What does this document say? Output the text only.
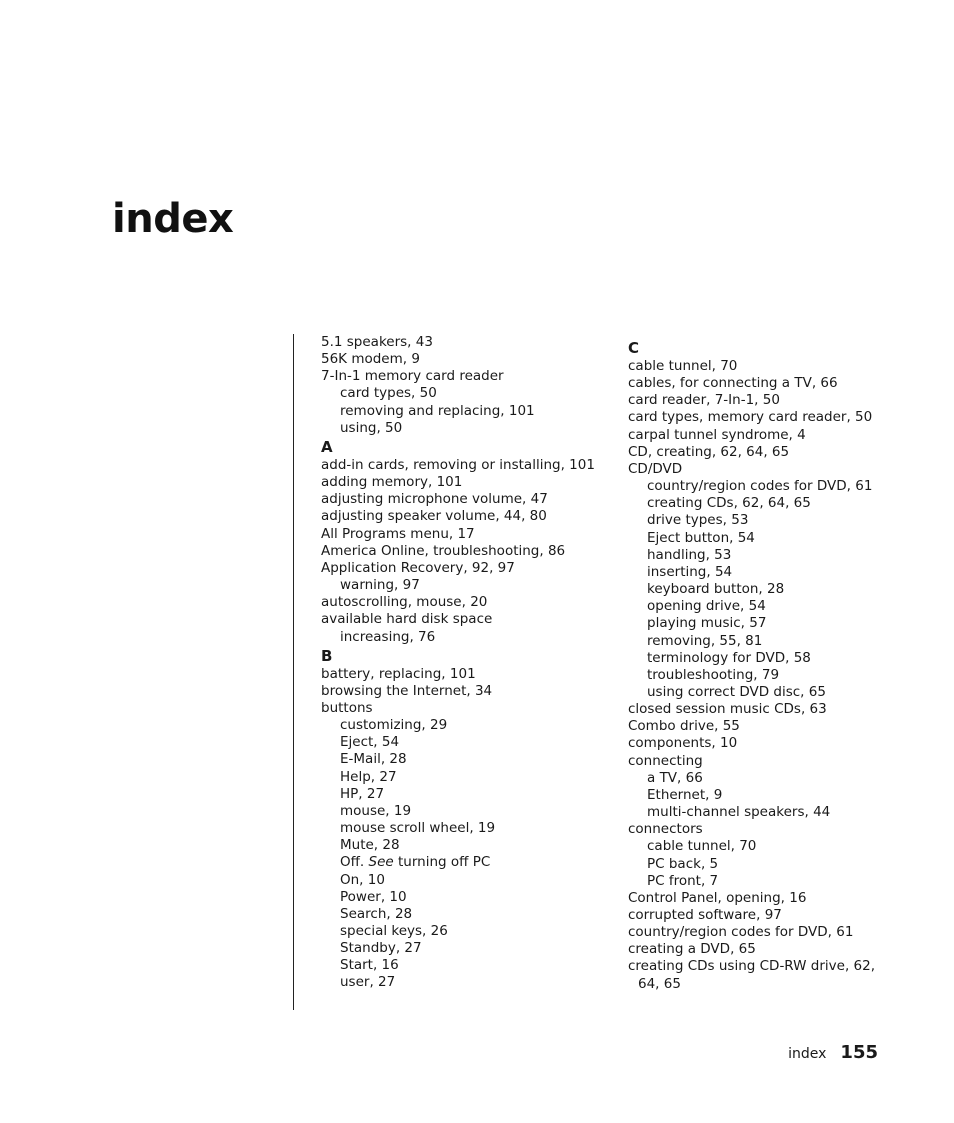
index
5.1 speakers, 43
56K modem, 9
7-In-1 memory card reader
card types, 50
removing and replacing, 101
using, 50
A
add-in cards, removing or installing, 101
adding memory, 101
adjusting microphone volume, 47
adjusting speaker volume, 44, 80
All Programs menu, 17
America Online, troubleshooting, 86
Application Recovery, 92, 97
warning, 97
autoscrolling, mouse, 20
available hard disk space
increasing, 76
B
battery, replacing, 101
browsing the Internet, 34
buttons
customizing, 29
Eject, 54
E-Mail, 28
Help, 27
HP, 27
mouse, 19
mouse scroll wheel, 19
Mute, 28
Off. See turning off PC
On, 10
Power, 10
Search, 28
special keys, 26
Standby, 27
Start, 16
user, 27
C
cable tunnel, 70
cables, for connecting a TV, 66
card reader, 7-In-1, 50
card types, memory card reader, 50
carpal tunnel syndrome, 4
CD, creating, 62, 64, 65
CD/DVD
country/region codes for DVD, 61
creating CDs, 62, 64, 65
drive types, 53
Eject button, 54
handling, 53
inserting, 54
keyboard button, 28
opening drive, 54
playing music, 57
removing, 55, 81
terminology for DVD, 58
troubleshooting, 79
using correct DVD disc, 65
closed session music CDs, 63
Combo drive, 55
components, 10
connecting
a TV, 66
Ethernet, 9
multi-channel speakers, 44
connectors
cable tunnel, 70
PC back, 5
PC front, 7
Control Panel, opening, 16
corrupted software, 97
country/region codes for DVD, 61
creating a DVD, 65
creating CDs using CD-RW drive, 62,
64, 65
index 155
